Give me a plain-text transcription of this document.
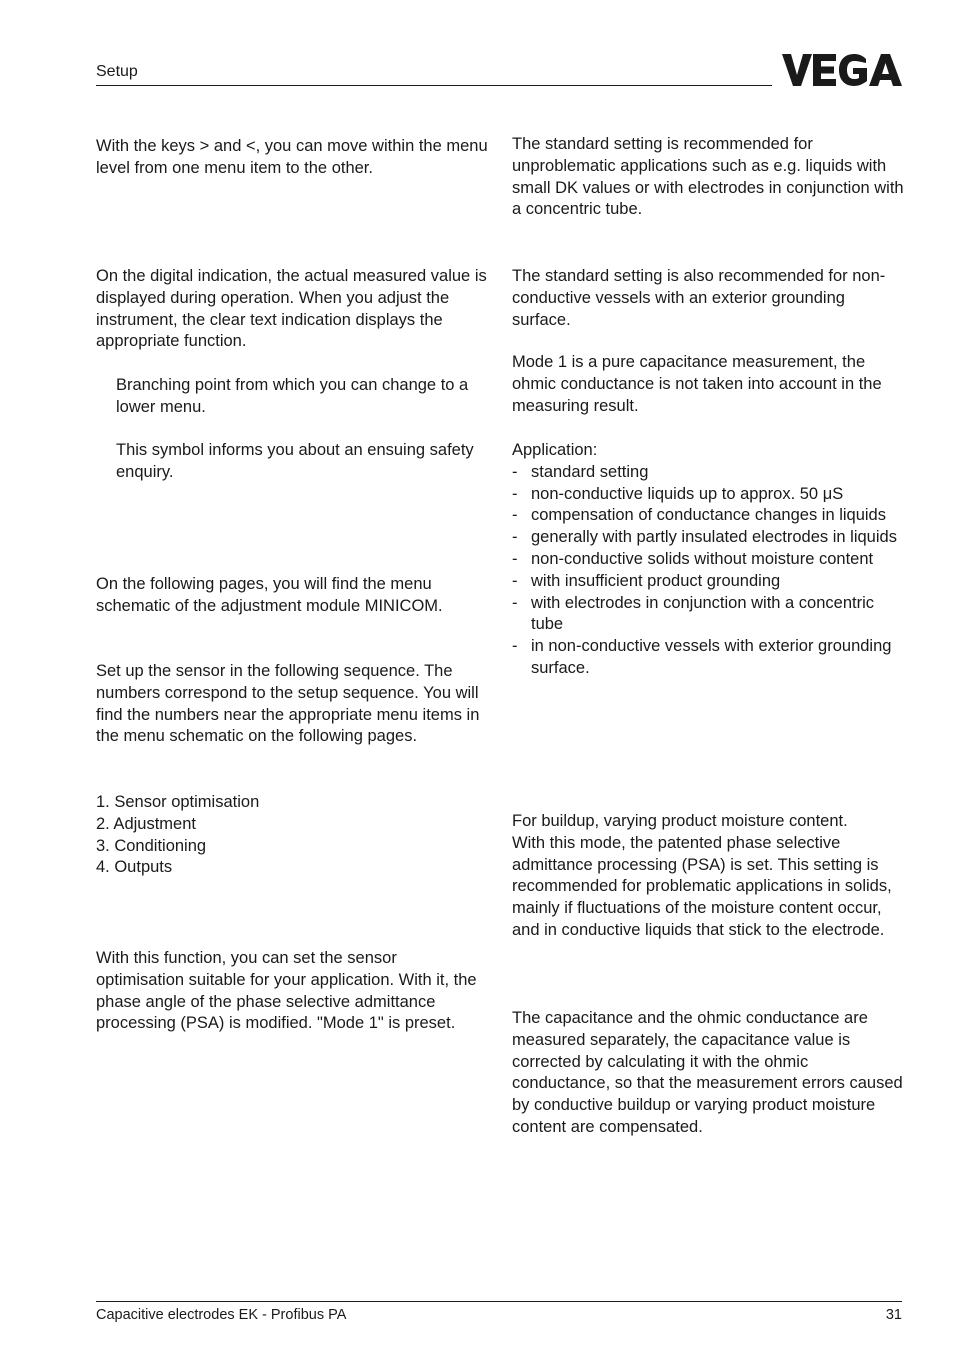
Setup

With the keys > and <, you can move within the menu level from one menu item to the other.

On the digital indication, the actual measured value is displayed during operation. When you adjust the instrument, the clear text indication displays the appropriate function.

Branching point from which you can change to a lower menu.

This symbol informs you about an ensuing safety enquiry.

On the following pages, you will find the menu schematic of the adjustment module MINICOM.

Set up the sensor in the following sequence. The numbers correspond to the setup sequence. You will find the numbers near the appropriate menu items in the menu schematic on the following pages.

1. Sensor optimisation
2. Adjustment
3. Conditioning
4. Outputs

With this function, you can set the sensor optimisation suitable for your application. With it, the phase angle of the phase selective admittance processing (PSA) is modified. "Mode 1" is preset.

The standard setting is recommended for unproblematic applications such as e.g. liquids with small DK values or with electrodes in conjunction with a concentric tube.

The standard setting is also recommended for non-conductive vessels with an exterior grounding surface.

Mode 1 is a pure capacitance measurement, the ohmic conductance is not taken into account in the measuring result.

Application:

- standard setting
- non-conductive liquids up to approx. 50 μS
- compensation of conductance changes in liquids
- generally with partly insulated electrodes in liquids
- non-conductive solids without moisture content
- with insufficient product grounding
- with electrodes in conjunction with a concentric tube
- in non-conductive vessels with exterior grounding surface.

For buildup, varying product moisture content.

With this mode, the patented phase selective admittance processing (PSA) is set. This setting is recommended for problematic applications in solids, mainly if fluctuations of the moisture content occur, and in conductive liquids that stick to the electrode.

The capacitance and the ohmic conductance are measured separately, the capacitance value is corrected by calculating it with the ohmic conductance, so that the measurement errors caused by conductive buildup or varying product moisture content are compensated.

Capacitive electrodes EK - Profibus PA	31
